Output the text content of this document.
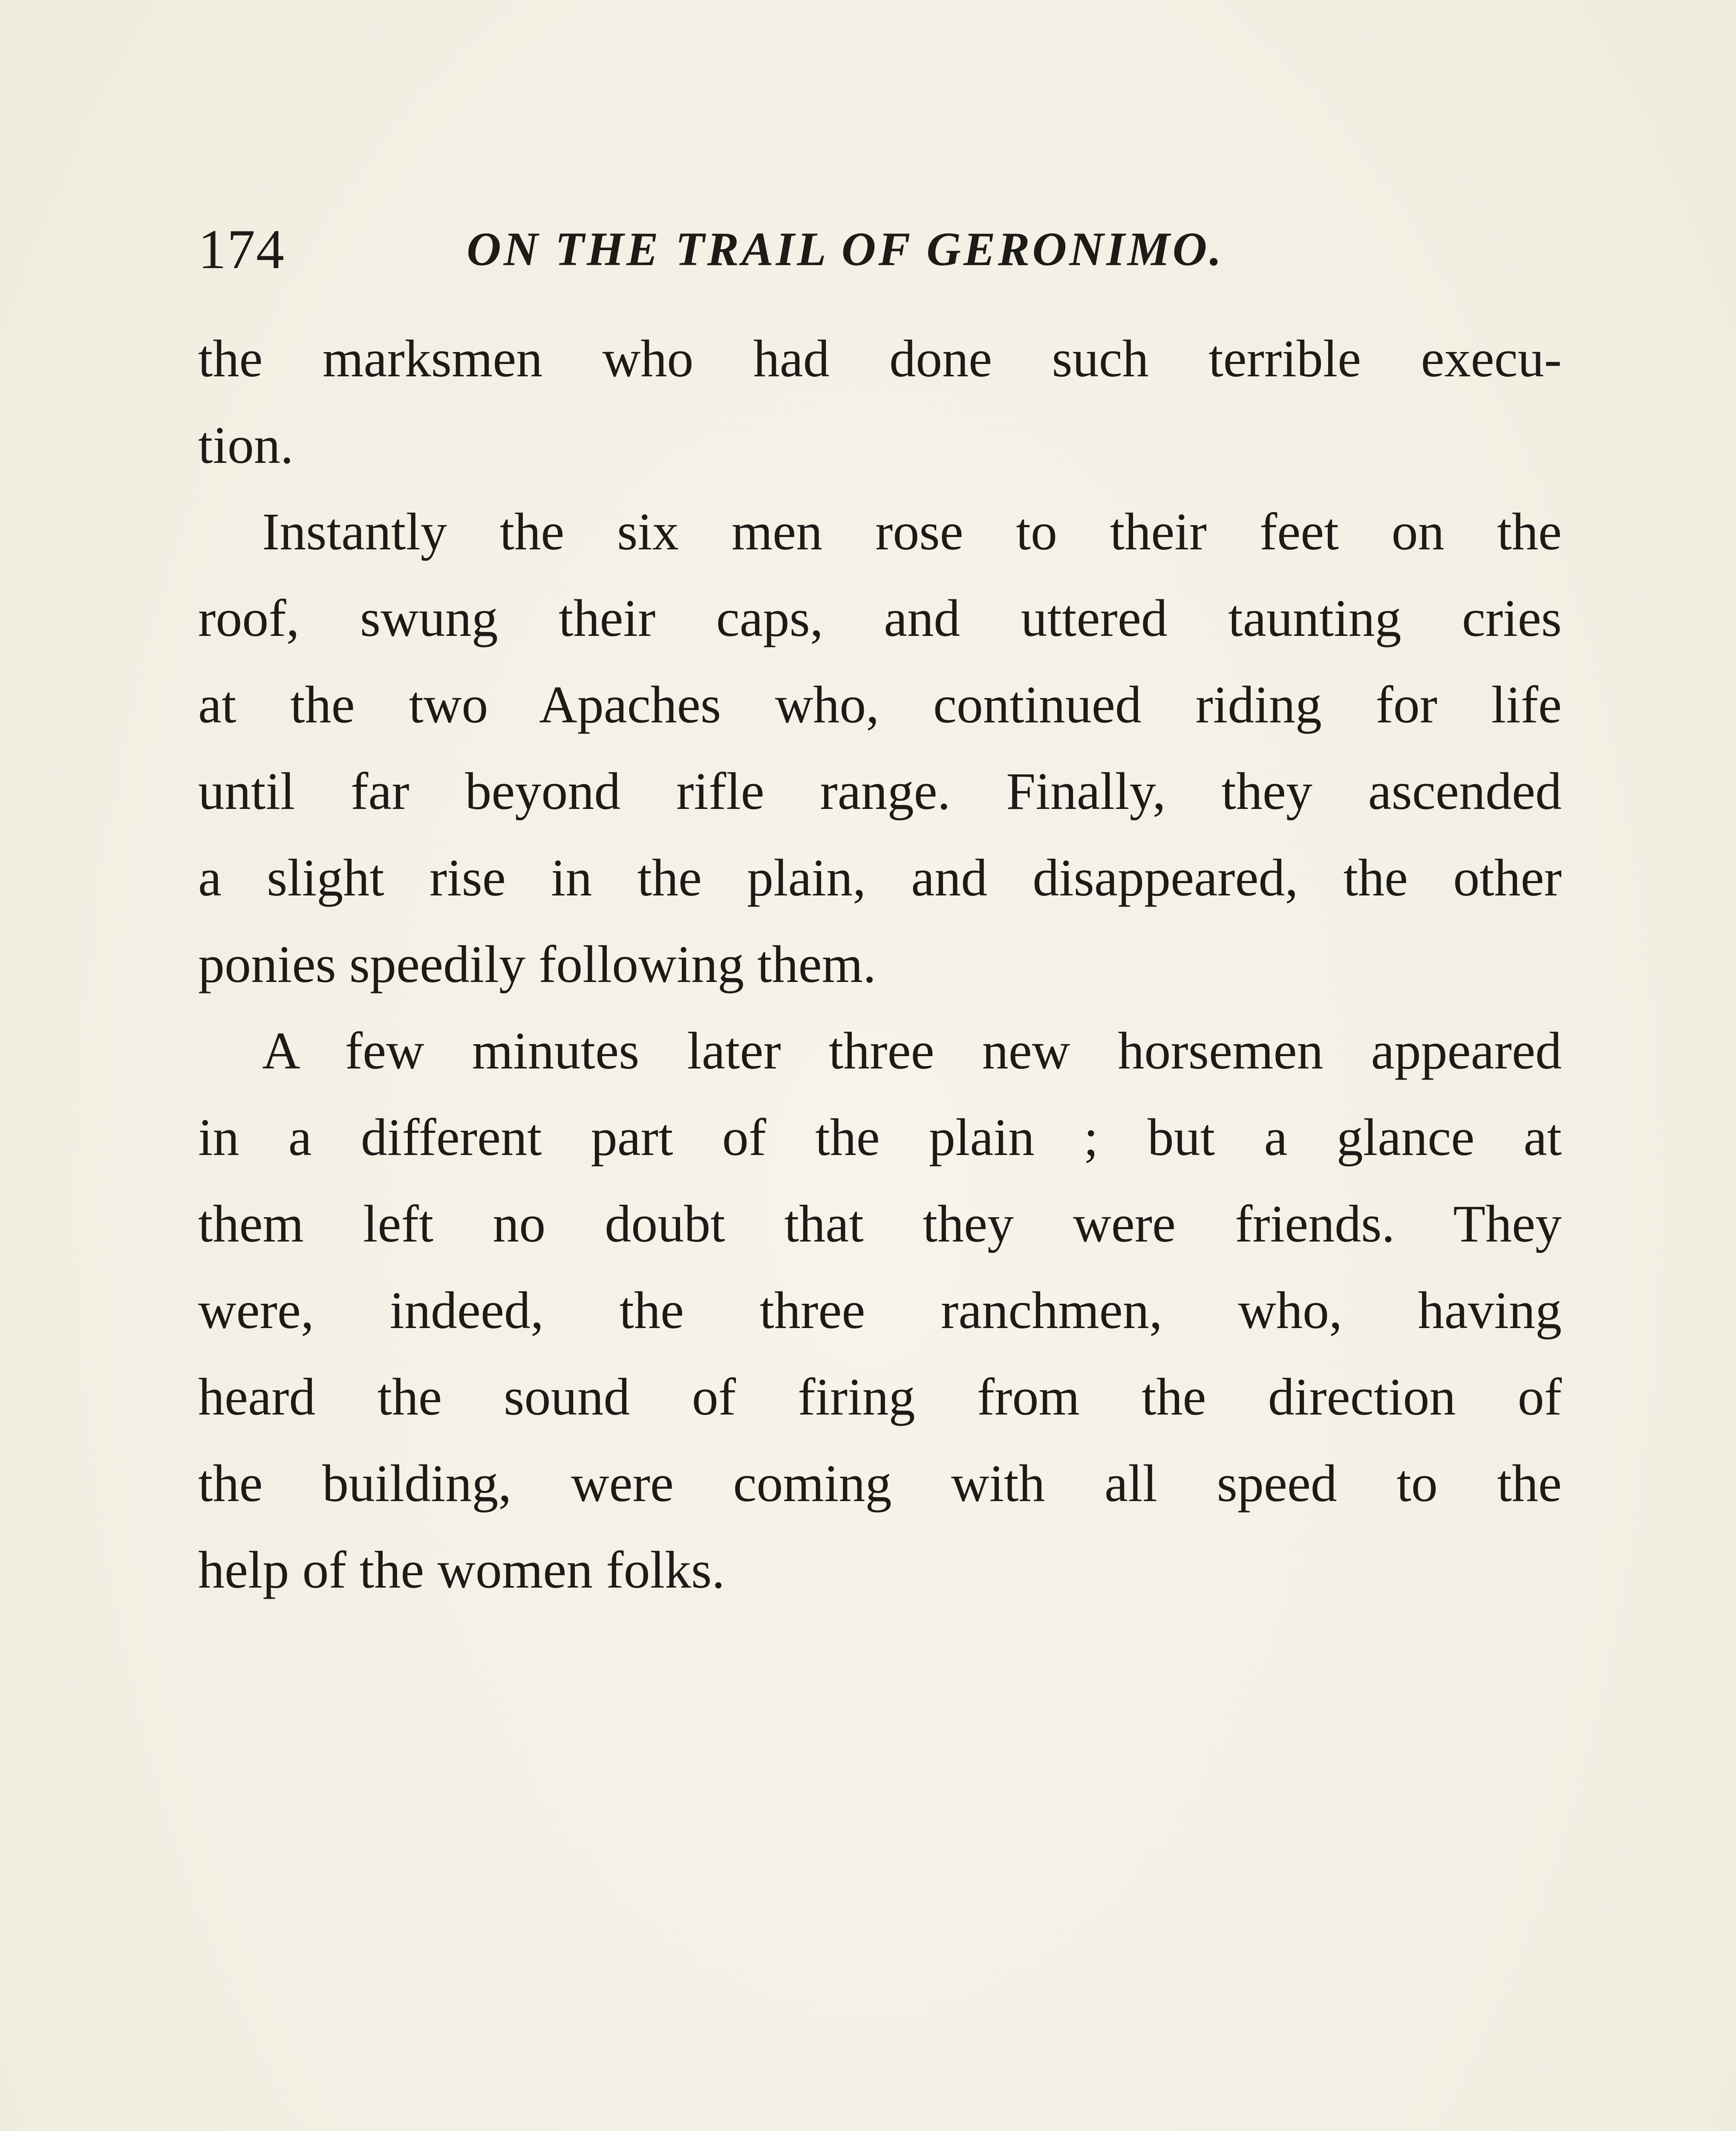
174	ON THE TRAIL OF GERONIMO.
the marksmen who had done such terrible execu-
tion.
Instantly the six men rose to their feet on the
roof, swung their caps, and uttered taunting cries
at the two Apaches who, continued riding for life
until far beyond rifle range. Finally, they ascended
a slight rise in the plain, and disappeared, the other
ponies speedily following them.
A few minutes later three new horsemen appeared
in a different part of the plain ; but a glance at
them left no doubt that they were friends. They
were, indeed, the three ranchmen, who, having
heard the sound of firing from the direction of
the building, were coming with all speed to the
help of the women folks.
